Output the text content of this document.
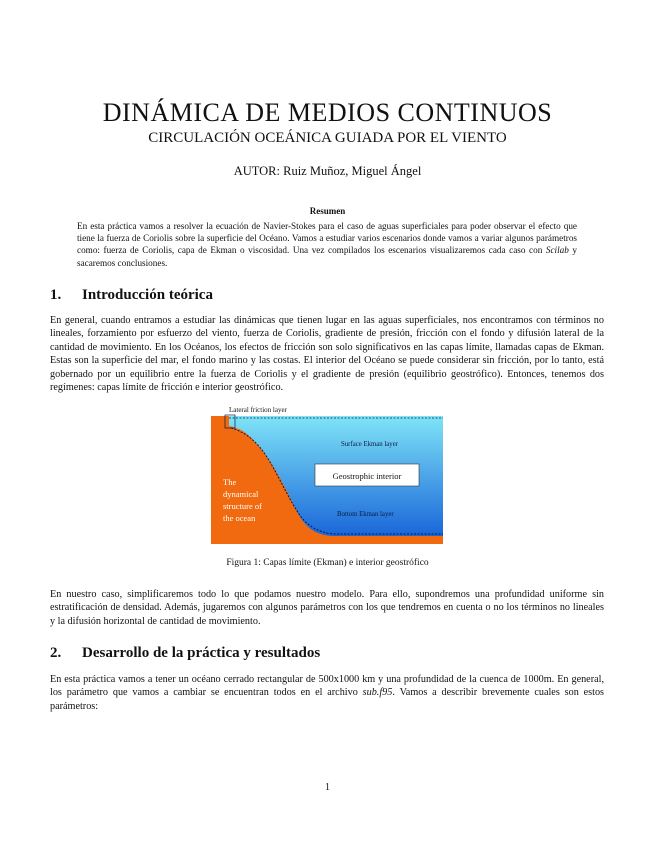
DINÁMICA DE MEDIOS CONTINUOS
CIRCULACIÓN OCEÁNICA GUIADA POR EL VIENTO
AUTOR: Ruiz Muñoz, Miguel Ángel
Resumen
En esta práctica vamos a resolver la ecuación de Navier-Stokes para el caso de aguas superficiales para poder observar el efecto que tiene la fuerza de Coriolis sobre la superficie del Océano. Vamos a estudiar varios escenarios donde vamos a variar algunos parámetros como: fuerza de Coriolis, capa de Ekman o viscosidad. Una vez compilados los escenarios visualizaremos cada caso con Scilab y sacaremos conclusiones.
1. Introducción teórica
En general, cuando entramos a estudiar las dinámicas que tienen lugar en las aguas superficiales, nos encontramos con términos no lineales, forzamiento por esfuerzo del viento, fuerza de Coriolis, gradiente de presión, fricción con el fondo y difusión lateral de la cantidad de movimiento. En los Océanos, los efectos de fricción son solo significativos en las capas límite, llamadas capas de Ekman. Estas son la superficie del mar, el fondo marino y las costas. El interior del Océano se puede considerar sin fricción, por lo tanto, está gobernado por un equilibrio entre la fuerza de Coriolis y el gradiente de presión (equilibrio geostrófico). Entonces, tenemos dos regímenes: capas límite de fricción e interior geostrófico.
Lateral friction layer
Surface Ekman layer
Geostrophic interior
Bottom Ekman layer
The
dynamical
structure of
the ocean
Figura 1: Capas límite (Ekman) e interior geostrófico
En nuestro caso, simplificaremos todo lo que podamos nuestro modelo. Para ello, supondremos una profundidad uniforme sin estratificación de densidad. Además, jugaremos con algunos parámetros con los que tendremos en cuenta o no los términos no lineales y la difusión horizontal de cantidad de movimiento.
2. Desarrollo de la práctica y resultados
En esta práctica vamos a tener un océano cerrado rectangular de 500x1000 km y una profundidad de la cuenca de 1000m. En general, los parámetro que vamos a cambiar se encuentran todos en el archivo sub.f95. Vamos a describir brevemente cuales son estos parámetros:
1
